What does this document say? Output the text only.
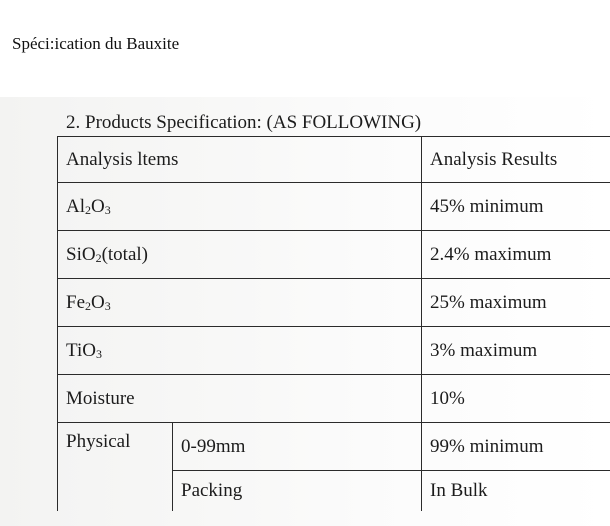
Spéci:ication du Bauxite
2. Products Specification: (AS FOLLOWING)
Analysis ltems		Analysis Results
$Al_2O_3$		45% minimum
SiO$_2$(total)		2.4% maximum
$Fe_2O_3$		25% maximum
TiO$_3$		3% maximum
Moisture		10%
Physical	0-99mm	99% minimum
	Packing	In Bulk
